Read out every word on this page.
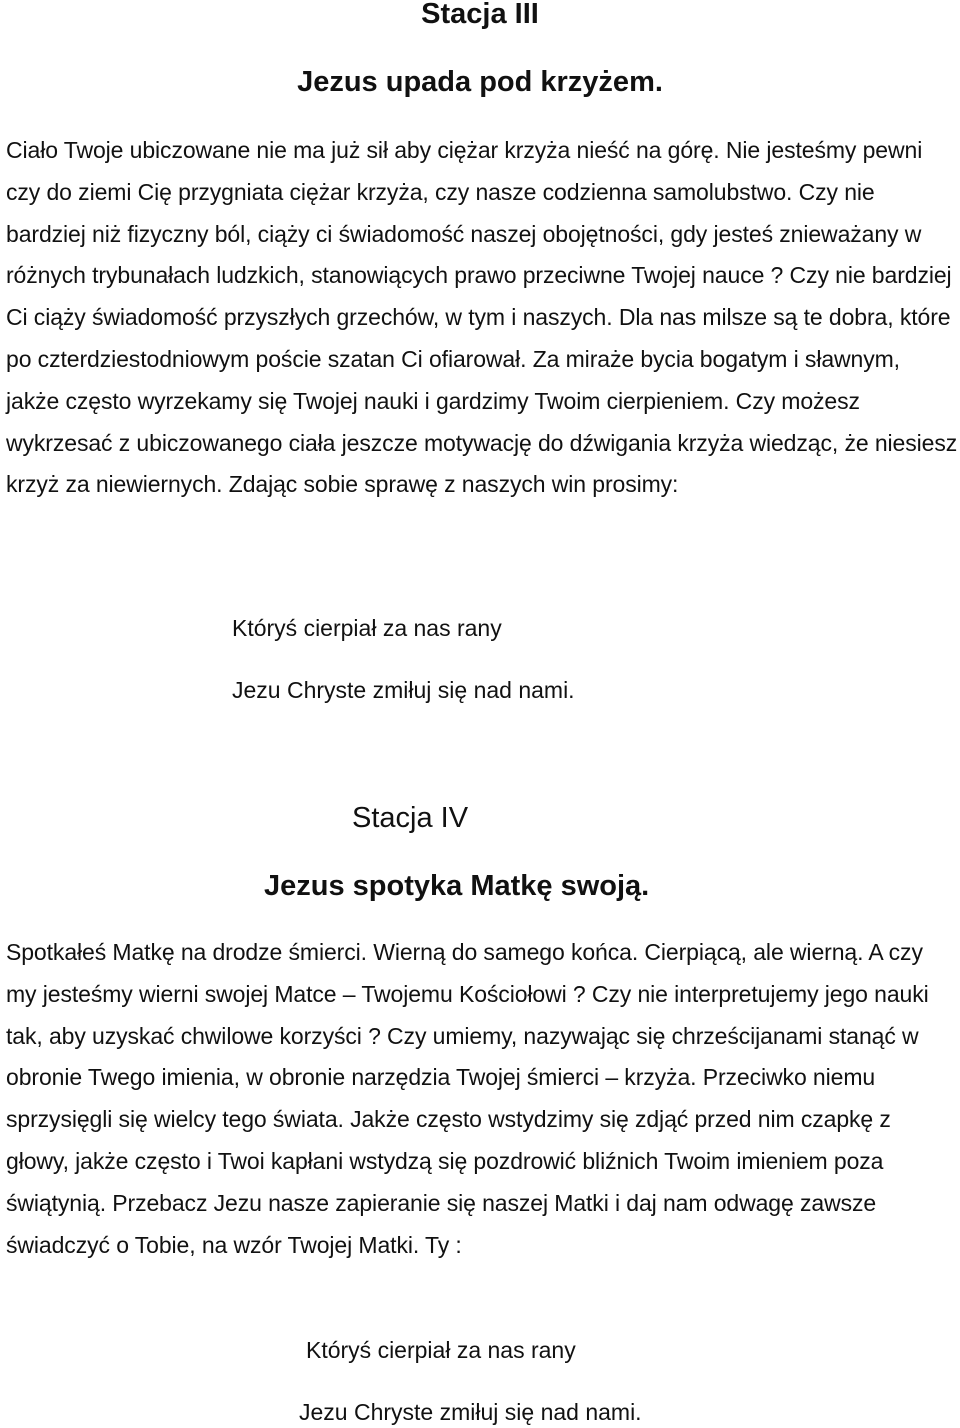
Stacja III
Jezus upada pod krzyżem.

Ciało Twoje ubiczowane nie ma już sił aby ciężar krzyża nieść na górę. Nie jesteśmy pewni czy do ziemi Cię przygniata ciężar krzyża, czy nasze codzienna samolubstwo. Czy nie bardziej niż fizyczny ból, ciąży ci świadomość naszej obojętności, gdy jesteś znieważany w różnych trybunałach ludzkich, stanowiących prawo przeciwne Twojej nauce ? Czy nie bardziej Ci ciąży świadomość przyszłych grzechów, w tym i naszych. Dla nas milsze są te dobra, które po czterdziestodniowym poście szatan Ci ofiarował. Za miraże bycia bogatym i sławnym, jakże często wyrzekamy się Twojej nauki i gardzimy Twoim cierpieniem. Czy możesz wykrzesać z ubiczowanego ciała jeszcze motywację do dźwigania krzyża wiedząc, że niesiesz krzyż za niewiernych. Zdając sobie sprawę z naszych win prosimy:

Któryś cierpiał za nas rany

Jezu Chryste zmiłuj się nad nami.

Stacja IV
Jezus spotyka Matkę swoją.

Spotkałeś Matkę na drodze śmierci. Wierną do samego końca. Cierpiącą, ale wierną. A czy my jesteśmy wierni swojej Matce – Twojemu Kościołowi ? Czy nie interpretujemy jego nauki tak, aby uzyskać chwilowe korzyści ? Czy umiemy, nazywając się chrześcijanami stanąć w obronie Twego imienia, w obronie narzędzia Twojej śmierci – krzyża. Przeciwko niemu sprzysięgli się wielcy tego świata. Jakże często wstydzimy się zdjąć przed nim czapkę z głowy, jakże często i Twoi kapłani wstydzą się pozdrowić bliźnich Twoim imieniem poza świątynią. Przebacz Jezu nasze zapieranie się naszej Matki i daj nam odwagę zawsze świadczyć o Tobie, na wzór Twojej Matki. Ty :

Któryś cierpiał za nas rany

Jezu Chryste zmiłuj się nad nami.
